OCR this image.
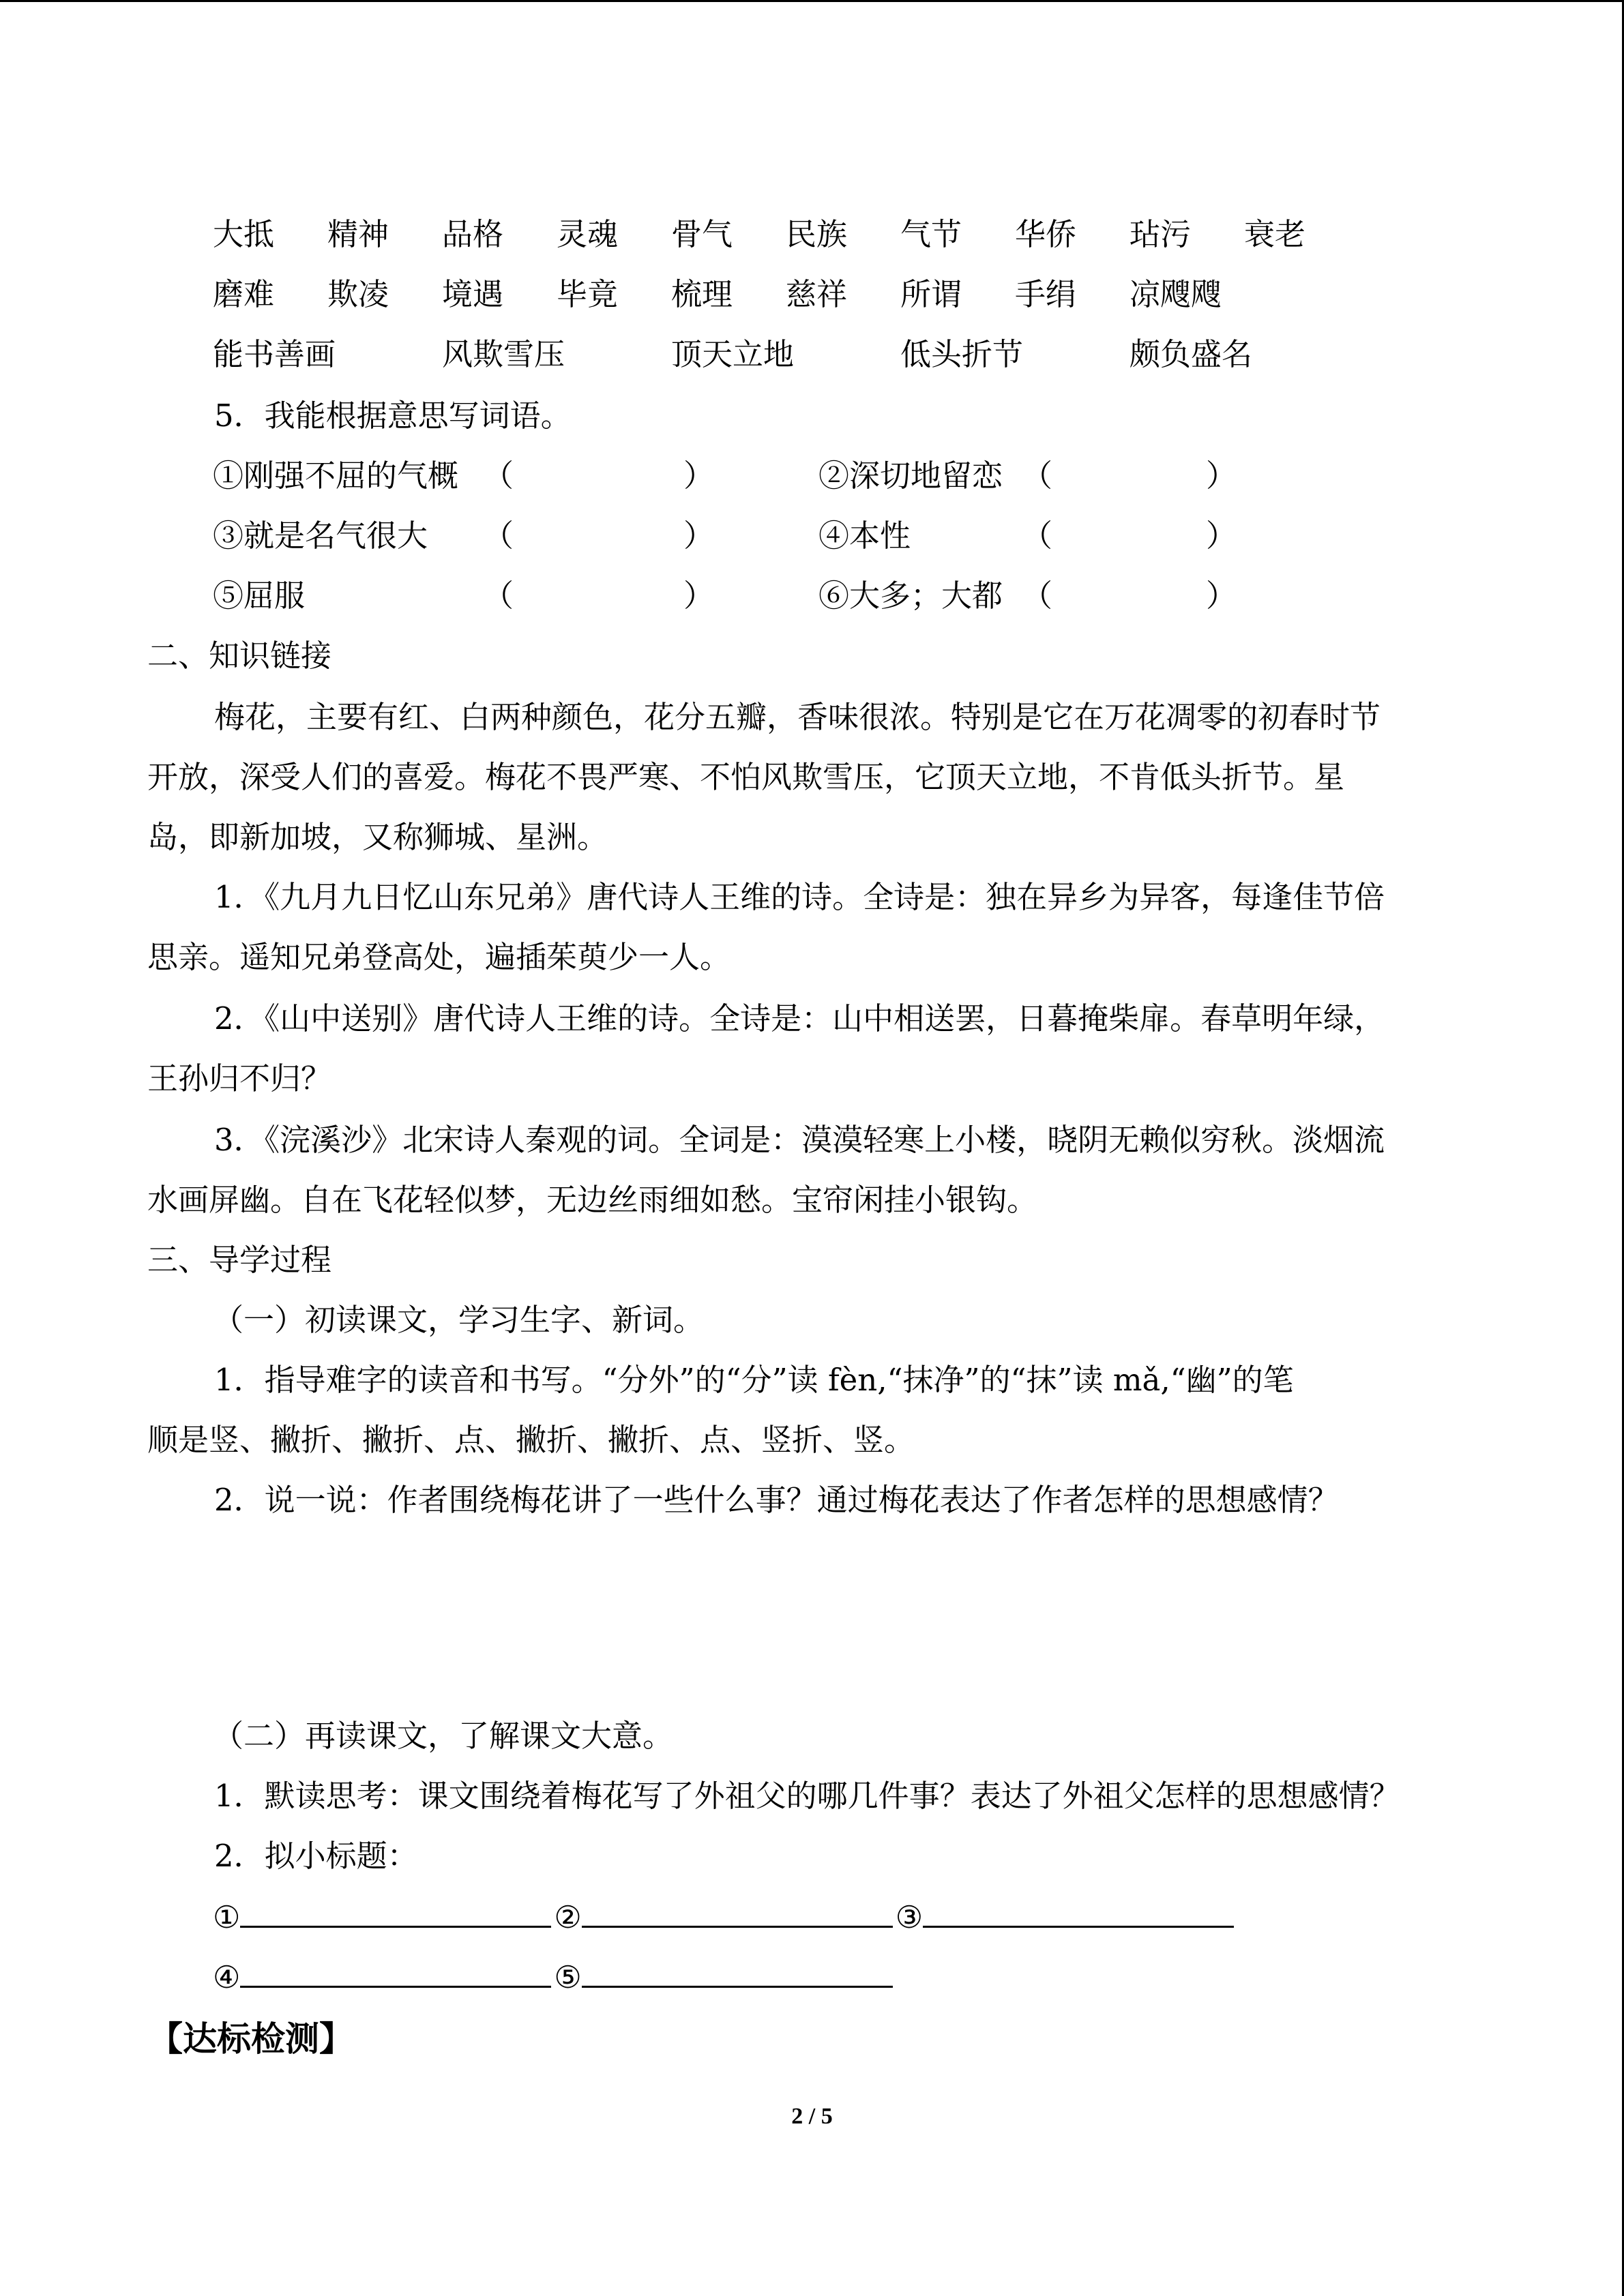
大抵 精神 品格 灵魂 骨气 民族 气节 华侨 玷污 衰老
磨难 欺凌 境遇 毕竟 梳理 慈祥 所谓 手绢 凉飕飕
能书善画	风欺雪压	顶天立地	低头折节	颇负盛名
5．我能根据意思写词语。
①刚强不屈的气概 （	）	②深切地留恋 （	）
③就是名气很大 （	）	④本性	（	）
⑤屈服	（	）	⑥大多；大都 （	）
二、知识链接
梅花，主要有红、白两种颜色，花分五瓣，香味很浓。特别是它在万花凋零的初春时节
开放，深受人们的喜爱。梅花不畏严寒、不怕风欺雪压，它顶天立地，不肯低头折节。星
岛，即新加坡，又称狮城、星洲。
1．《九月九日忆山东兄弟》唐代诗人王维的诗。全诗是：独在异乡为异客，每逢佳节倍
思亲。遥知兄弟登高处，遍插茱萸少一人。
2．《山中送别》唐代诗人王维的诗。全诗是：山中相送罢，日暮掩柴扉。春草明年绿，
王孙归不归？
3．《浣溪沙》北宋诗人秦观的词。全词是：漠漠轻寒上小楼，晓阴无赖似穷秋。淡烟流
水画屏幽。自在飞花轻似梦，无边丝雨细如愁。宝帘闲挂小银钩。
三、导学过程
（一）初读课文，学习生字、新词。
1．指导难字的读音和书写。“分外”的“分”读 fèn,“抹净”的“抹”读 mǎ,“幽”的笔
顺是竖、撇折、撇折、点、撇折、撇折、点、竖折、竖。
2．说一说：作者围绕梅花讲了一些什么事？通过梅花表达了作者怎样的思想感情？
（二）再读课文，了解课文大意。
1．默读思考：课文围绕着梅花写了外祖父的哪几件事？表达了外祖父怎样的思想感情？
2．拟小标题：
①	②	③
④	⑤
【达标检测】
2 / 5
